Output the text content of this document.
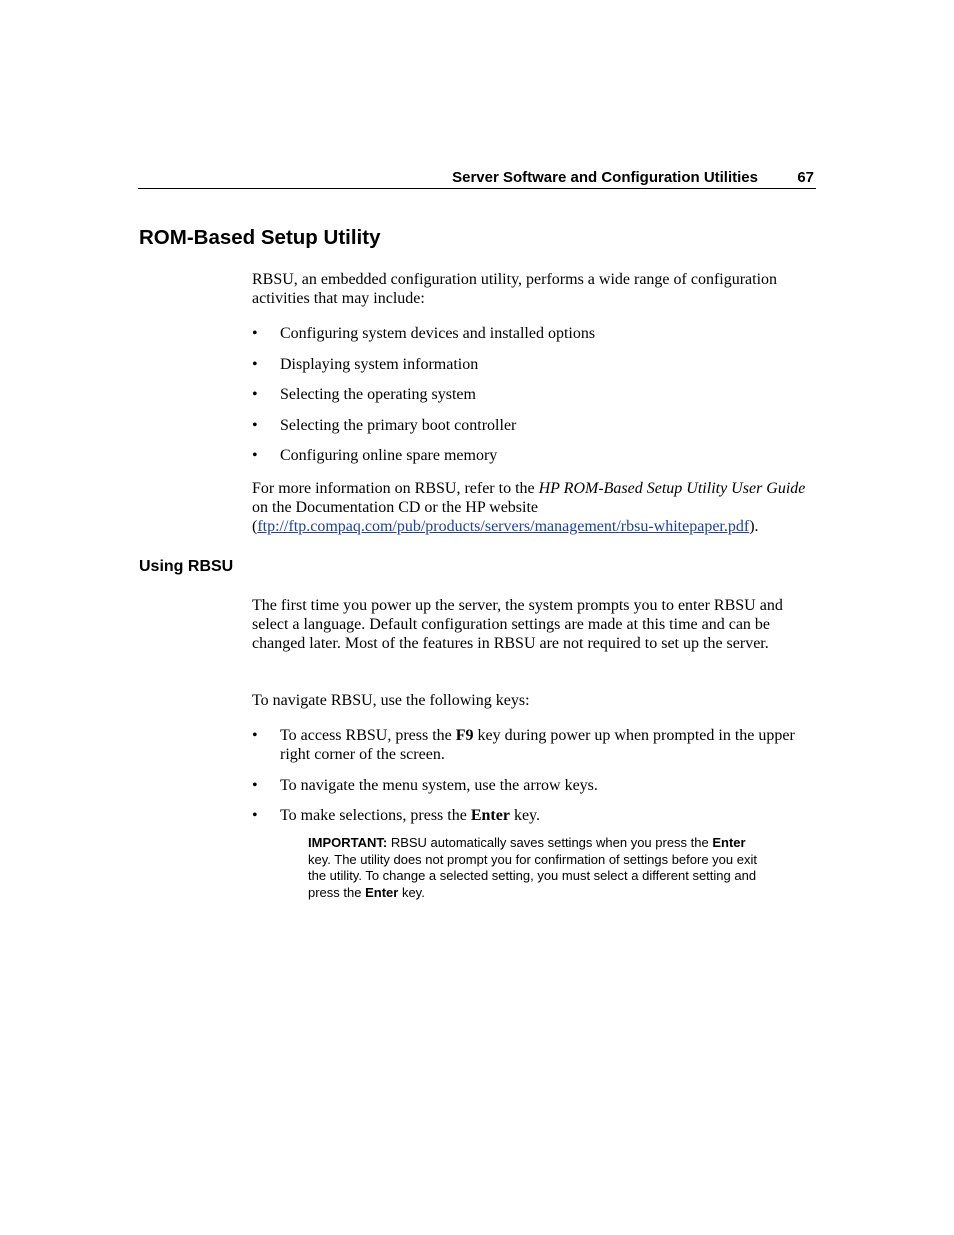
Server Software and Configuration Utilities	67
ROM-Based Setup Utility
RBSU, an embedded configuration utility, performs a wide range of configuration activities that may include:
• Configuring system devices and installed options
• Displaying system information
• Selecting the operating system
• Selecting the primary boot controller
• Configuring online spare memory
For more information on RBSU, refer to the HP ROM-Based Setup Utility User Guide on the Documentation CD or the HP website
(ftp://ftp.compaq.com/pub/products/servers/management/rbsu-whitepaper.pdf).
Using RBSU
The first time you power up the server, the system prompts you to enter RBSU and select a language. Default configuration settings are made at this time and can be changed later. Most of the features in RBSU are not required to set up the server.
To navigate RBSU, use the following keys:
• To access RBSU, press the F9 key during power up when prompted in the upper right corner of the screen.
• To navigate the menu system, use the arrow keys.
• To make selections, press the Enter key.
IMPORTANT: RBSU automatically saves settings when you press the Enter key. The utility does not prompt you for confirmation of settings before you exit the utility. To change a selected setting, you must select a different setting and press the Enter key.
